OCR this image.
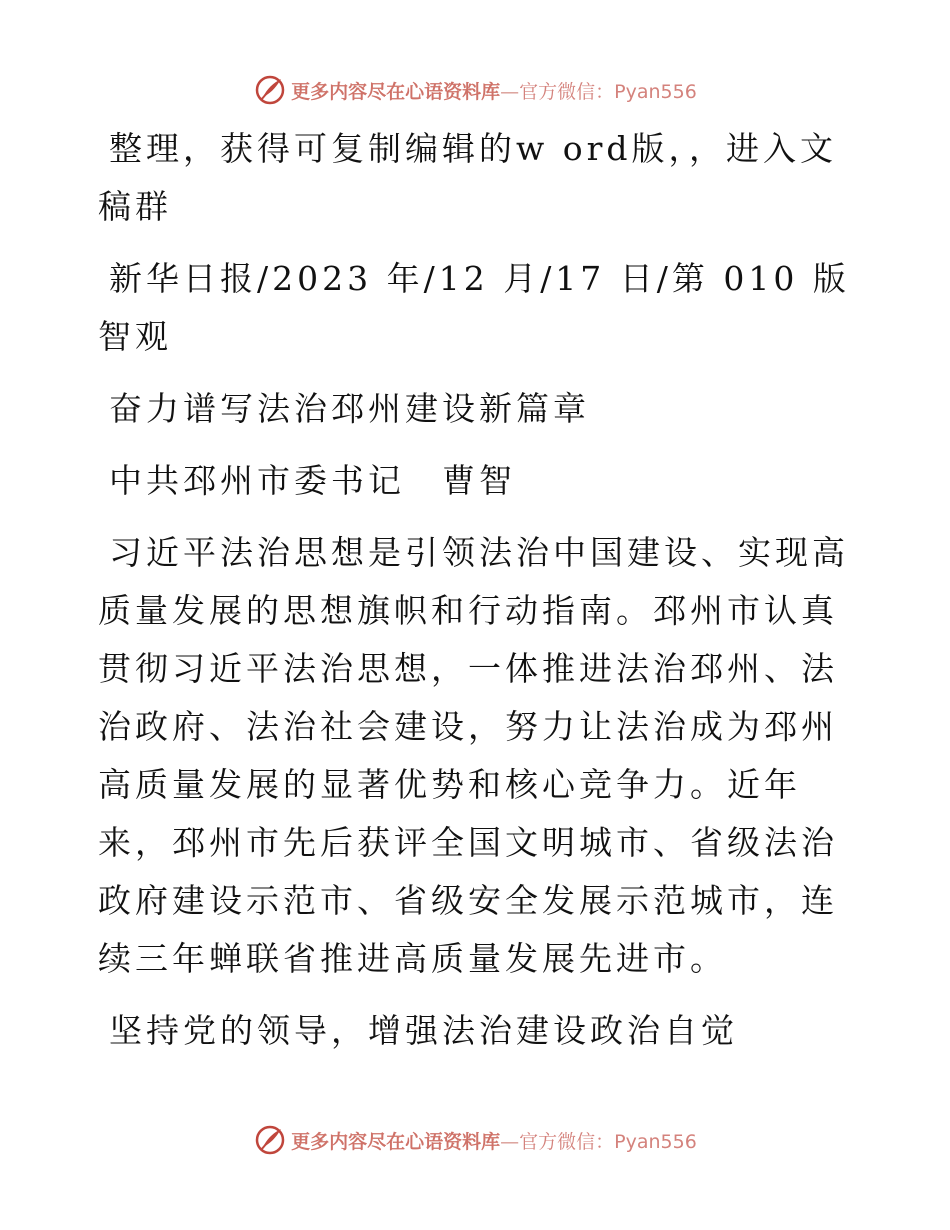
更多内容尽在心语资料库—官方微信：Pyan556

整理，获得可复制编辑的w ord版，，进入文稿群

新华日报/2023 年/12 月/17 日/第 010 版智观

奋力谱写法治邳州建设新篇章

中共邳州市委书记　曹智

习近平法治思想是引领法治中国建设、实现高质量发展的思想旗帜和行动指南。邳州市认真贯彻习近平法治思想，一体推进法治邳州、法治政府、法治社会建设，努力让法治成为邳州高质量发展的显著优势和核心竞争力。近年来，邳州市先后获评全国文明城市、省级法治政府建设示范市、省级安全发展示范城市，连续三年蝉联省推进高质量发展先进市。

坚持党的领导，增强法治建设政治自觉

更多内容尽在心语资料库—官方微信：Pyan556
